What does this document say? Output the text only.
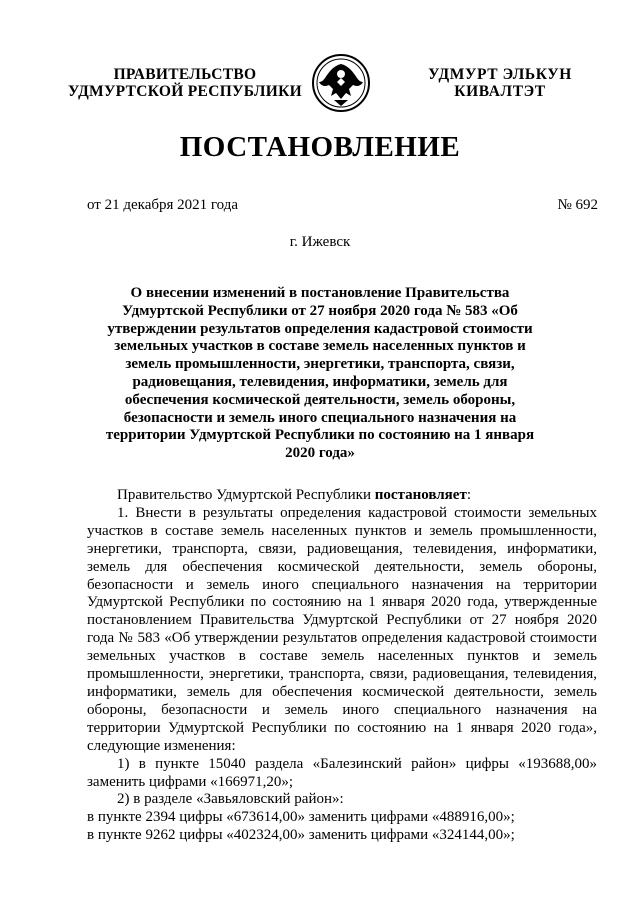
ПРАВИТЕЛЬСТВО
УДМУРТСКОЙ РЕСПУБЛИКИ
УДМУРТ ЭЛЬКУН
КИВАЛТЭТ
ПОСТАНОВЛЕНИЕ
от 21 декабря 2021 года	№ 692
г. Ижевск
О внесении изменений в постановление Правительства Удмуртской Республики от 27 ноября 2020 года № 583 «Об утверждении результатов определения кадастровой стоимости земельных участков в составе земель населенных пунктов и земель промышленности, энергетики, транспорта, связи, радиовещания, телевидения, информатики, земель для обеспечения космической деятельности, земель обороны, безопасности и земель иного специального назначения на территории Удмуртской Республики по состоянию на 1 января 2020 года»

Правительство Удмуртской Республики постановляет:

1. Внести в результаты определения кадастровой стоимости земельных участков в составе земель населенных пунктов и земель промышленности, энергетики, транспорта, связи, радиовещания, телевидения, информатики, земель для обеспечения космической деятельности, земель обороны, безопасности и земель иного специального назначения на территории Удмуртской Республики по состоянию на 1 января 2020 года, утвержденные постановлением Правительства Удмуртской Республики от 27 ноября 2020 года № 583 «Об утверждении результатов определения кадастровой стоимости земельных участков в составе земель населенных пунктов и земель промышленности, энергетики, транспорта, связи, радиовещания, телевидения, информатики, земель для обеспечения космической деятельности, земель обороны, безопасности и земель иного специального назначения на территории Удмуртской Республики по состоянию на 1 января 2020 года», следующие изменения:

1) в пункте 15040 раздела «Балезинский район» цифры «193688,00» заменить цифрами «166971,20»;

2) в разделе «Завьяловский район»:

в пункте 2394 цифры «673614,00» заменить цифрами «488916,00»;

в пункте 9262 цифры «402324,00» заменить цифрами «324144,00»;
